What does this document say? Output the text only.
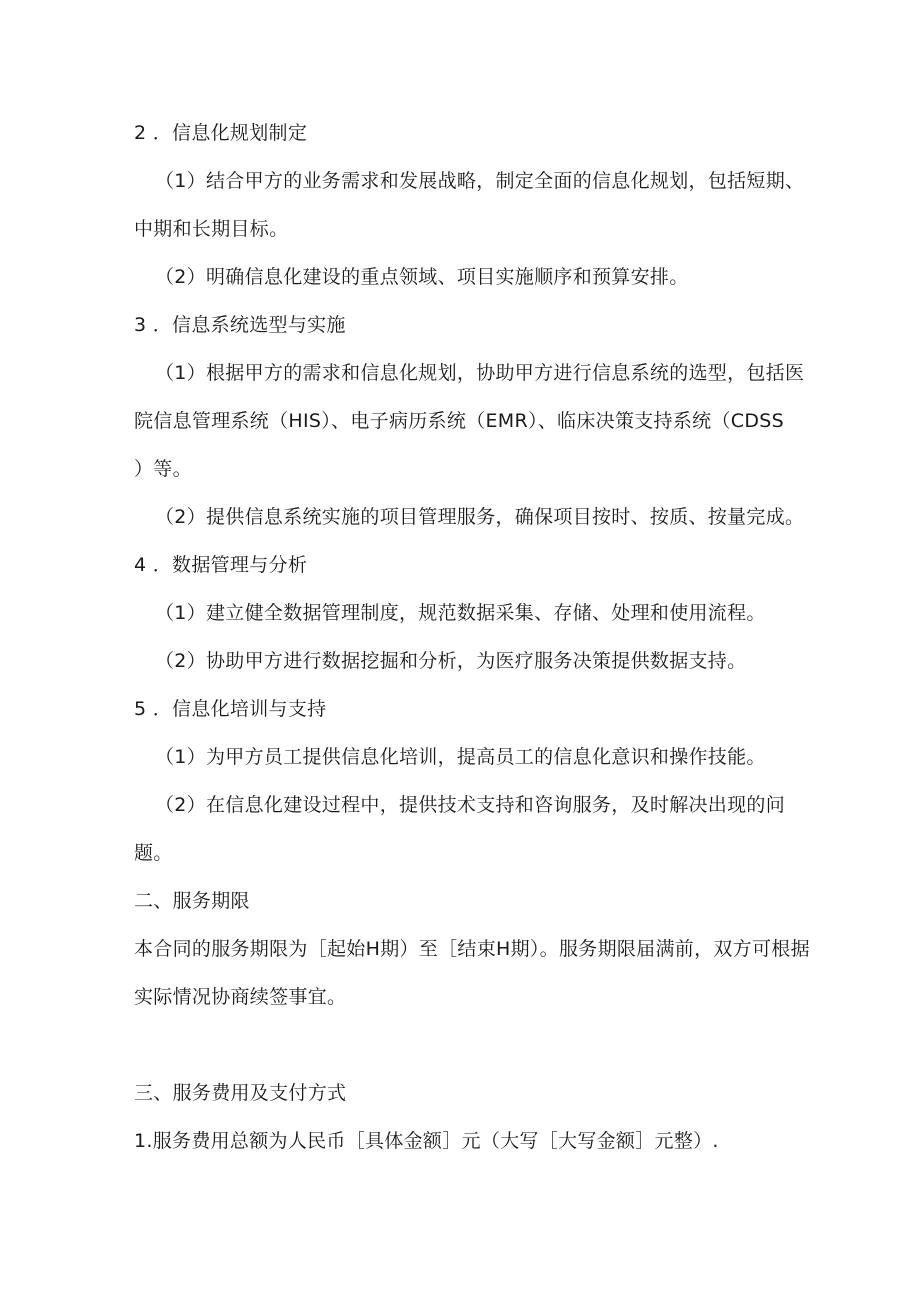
2 ．信息化规划制定
（1）结合甲方的业务需求和发展战略，制定全面的信息化规划，包括短期、
中期和长期目标。
（2）明确信息化建设的重点领域、项目实施顺序和预算安排。
3 ．信息系统选型与实施
（1）根据甲方的需求和信息化规划，协助甲方进行信息系统的选型，包括医
院信息管理系统（HIS）、电子病历系统（EMR）、临床决策支持系统（CDSS
）等。
（2）提供信息系统实施的项目管理服务，确保项目按时、按质、按量完成。
4 ．数据管理与分析
（1）建立健全数据管理制度，规范数据采集、存储、处理和使用流程。
（2）协助甲方进行数据挖掘和分析，为医疗服务决策提供数据支持。
5 ．信息化培训与支持
（1）为甲方员工提供信息化培训，提高员工的信息化意识和操作技能。
（2）在信息化建设过程中，提供技术支持和咨询服务，及时解决出现的问
题。
二、服务期限
本合同的服务期限为［起始H期）至［结束H期）。服务期限届满前，双方可根据
实际情况协商续签事宜。
三、服务费用及支付方式
1.服务费用总额为人民币［具体金额］元（大写［大写金额］元整）.
